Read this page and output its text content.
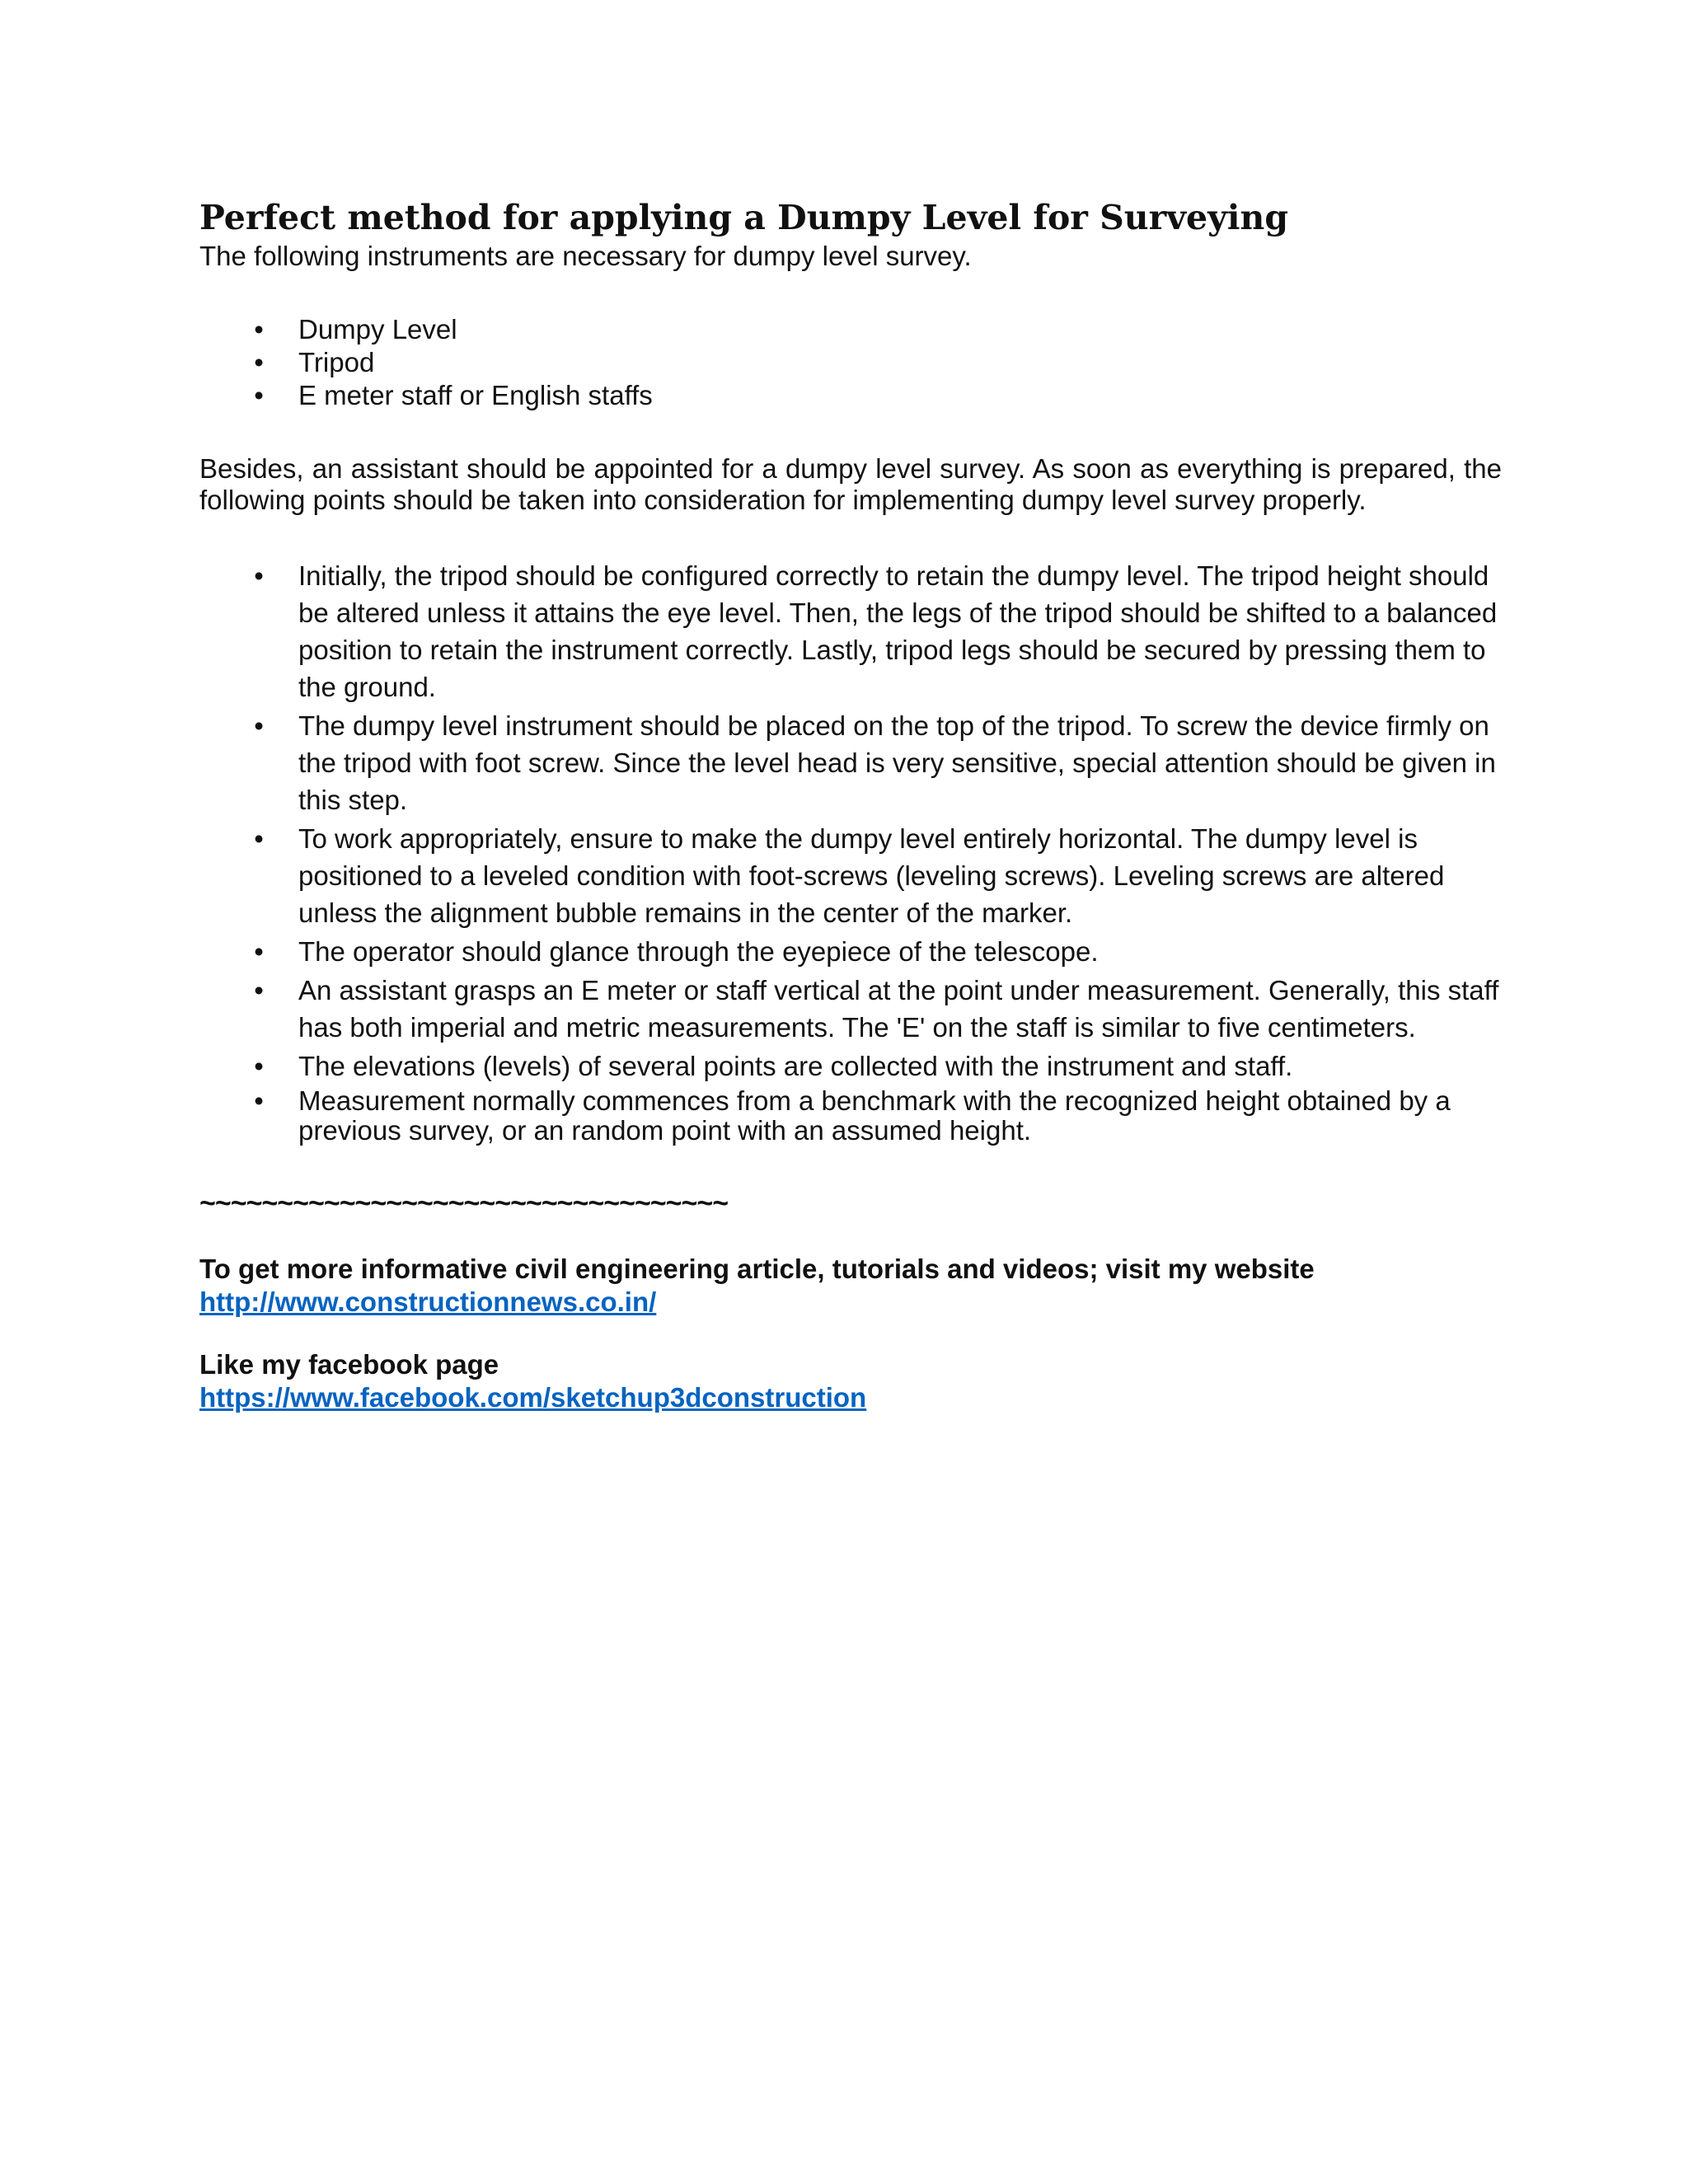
Perfect method for applying a Dumpy Level for Surveying

The following instruments are necessary for dumpy level survey.

• Dumpy Level
• Tripod
• E meter staff or English staffs

Besides, an assistant should be appointed for a dumpy level survey. As soon as everything is prepared, the following points should be taken into consideration for implementing dumpy level survey properly.

• Initially, the tripod should be configured correctly to retain the dumpy level. The tripod height should be altered unless it attains the eye level. Then, the legs of the tripod should be shifted to a balanced position to retain the instrument correctly. Lastly, tripod legs should be secured by pressing them to the ground.
• The dumpy level instrument should be placed on the top of the tripod. To screw the device firmly on the tripod with foot screw. Since the level head is very sensitive, special attention should be given in this step.
• To work appropriately, ensure to make the dumpy level entirely horizontal. The dumpy level is positioned to a leveled condition with foot-screws (leveling screws). Leveling screws are altered unless the alignment bubble remains in the center of the marker.
• The operator should glance through the eyepiece of the telescope.
• An assistant grasps an E meter or staff vertical at the point under measurement. Generally, this staff has both imperial and metric measurements. The 'E' on the staff is similar to five centimeters.
• The elevations (levels) of several points are collected with the instrument and staff.
• Measurement normally commences from a benchmark with the recognized height obtained by a previous survey, or an random point with an assumed height.
~~~~~~~~~~~~~~~~~~~~~~~~~~~~~~~~~~
To get more informative civil engineering article, tutorials and videos; visit my website
http://www.constructionnews.co.in/
Like my facebook page
https://www.facebook.com/sketchup3dconstruction
